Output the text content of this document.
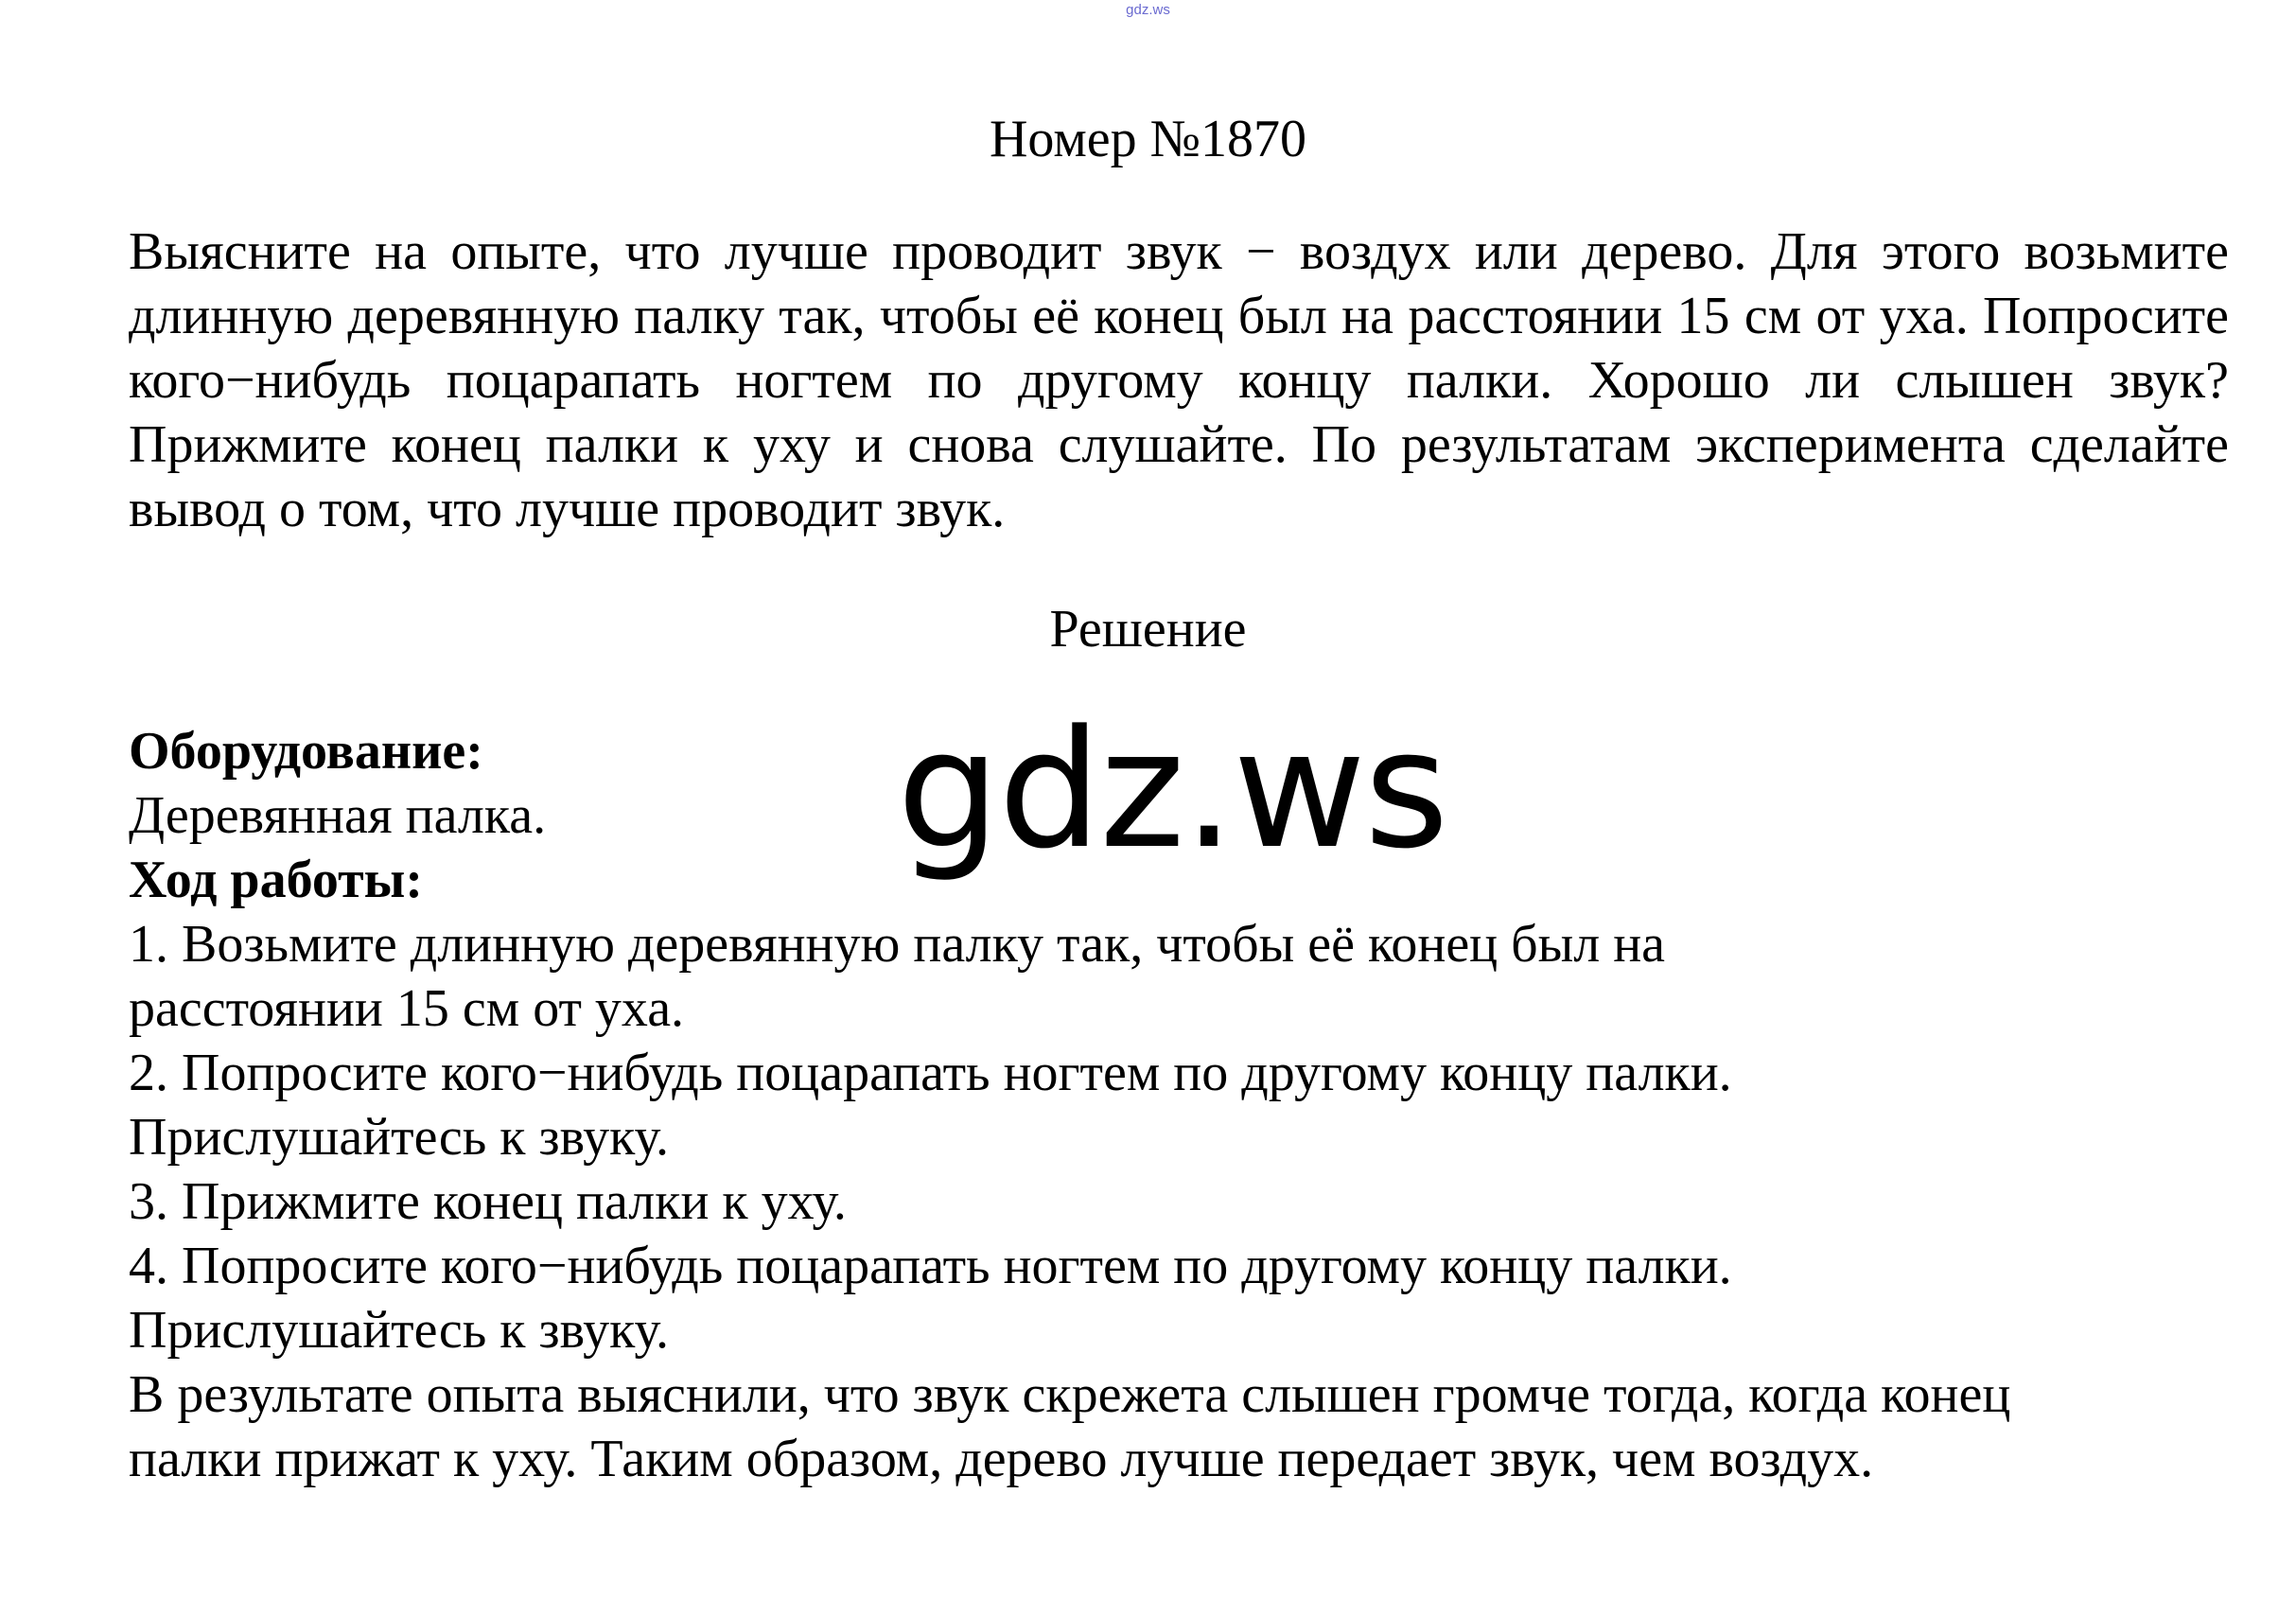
gdz.ws
Номер №1870

Выясните на опыте, что лучше проводит звук − воздух или дерево. Для этого возьмите длинную деревянную палку так, чтобы её конец был на расстоянии 15 см от уха. Попросите кого−нибудь поцарапать ногтем по другому концу палки. Хорошо ли слышен звук? Прижмите конец палки к уху и снова слушайте. По результатам эксперимента сделайте вывод о том, что лучше проводит звук.

Решение
Оборудование:
Деревянная палка.
Ход работы:
1. Возьмите длинную деревянную палку так, чтобы её конец был на
расстоянии 15 см от уха.
2. Попросите кого−нибудь поцарапать ногтем по другому концу палки.
Прислушайтесь к звуку.
3. Прижмите конец палки к уху.
4. Попросите кого−нибудь поцарапать ногтем по другому концу палки.
Прислушайтесь к звуку.
В результате опыта выяснили, что звук скрежета слышен громче тогда, когда конец
палки прижат к уху. Таким образом, дерево лучше передает звук, чем воздух.
gdz.ws
